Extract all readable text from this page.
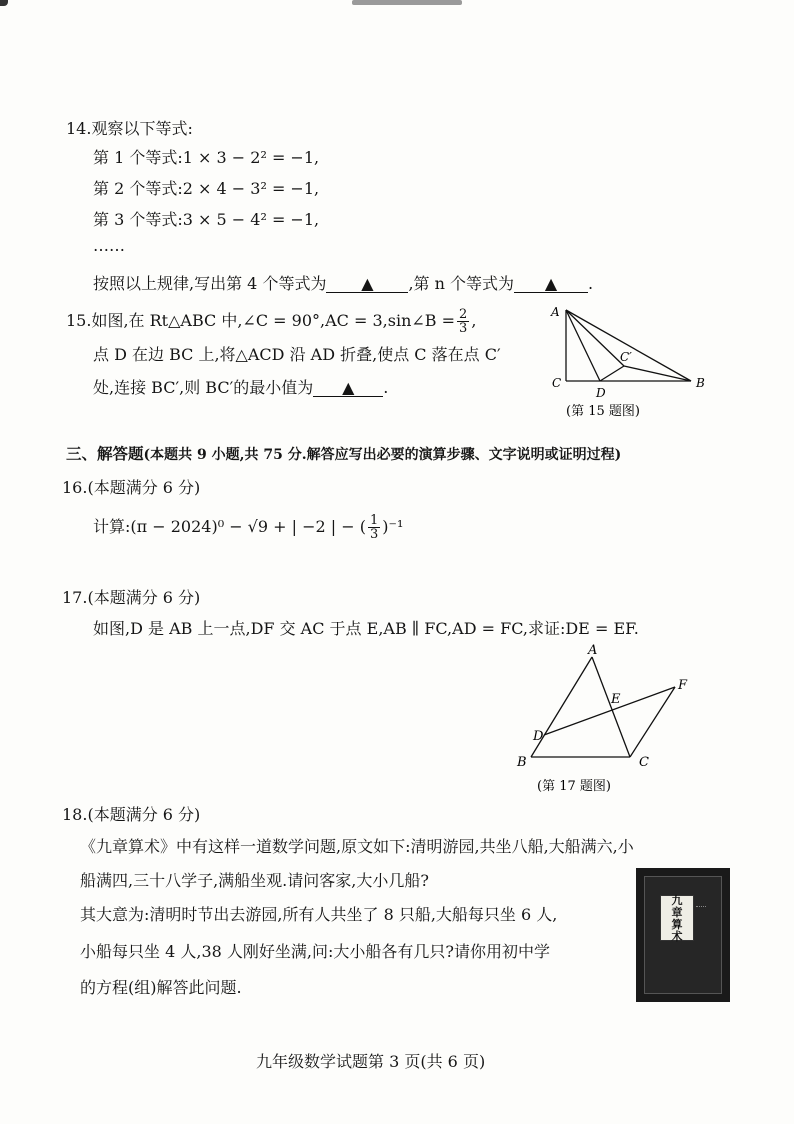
14.观察以下等式:
第 1 个等式:1 × 3 − 2² = −1,
第 2 个等式:2 × 4 − 3² = −1,
第 3 个等式:3 × 5 − 4² = −1,
……
按照以上规律,写出第 4 个等式为 ▲ ,第 n 个等式为 ▲ .
15.如图,在 Rt△ABC 中,∠C = 90°,AC = 3,sin∠B = $\frac{2}{3}$ ,
点 D 在边 BC 上,将△ACD 沿 AD 折叠,使点 C 落在点 C′
处,连接 BC′,则 BC′的最小值为 ▲ .
A
C
D
B
C′
(第 15 题图)
三、解答题(本题共 9 小题,共 75 分.解答应写出必要的演算步骤、文字说明或证明过程)
16.(本题满分 6 分)
计算:(π − 2024)⁰ − √9 + | −2 | − ( $\frac{1}{3} )^{-1}$
17.(本题满分 6 分)
如图,D 是 AB 上一点,DF 交 AC 于点 E,AB ∥ FC,AD = FC,求证:DE = EF.
A
B	C
D
E
F
(第 17 题图)
18.(本题满分 6 分)
《九章算术》中有这样一道数学问题,原文如下:清明游园,共坐八船,大船满六,小
船满四,三十八学子,满船坐观.请问客家,大小几船?
其大意为:清明时节出去游园,所有人共坐了 8 只船,大船每只坐 6 人,
小船每只坐 4 人,38 人刚好坐满,问:大小船各有几只?请你用初中学
的方程(组)解答此问题.
九
章
算
术
九年级数学试题第 3 页(共 6 页)
